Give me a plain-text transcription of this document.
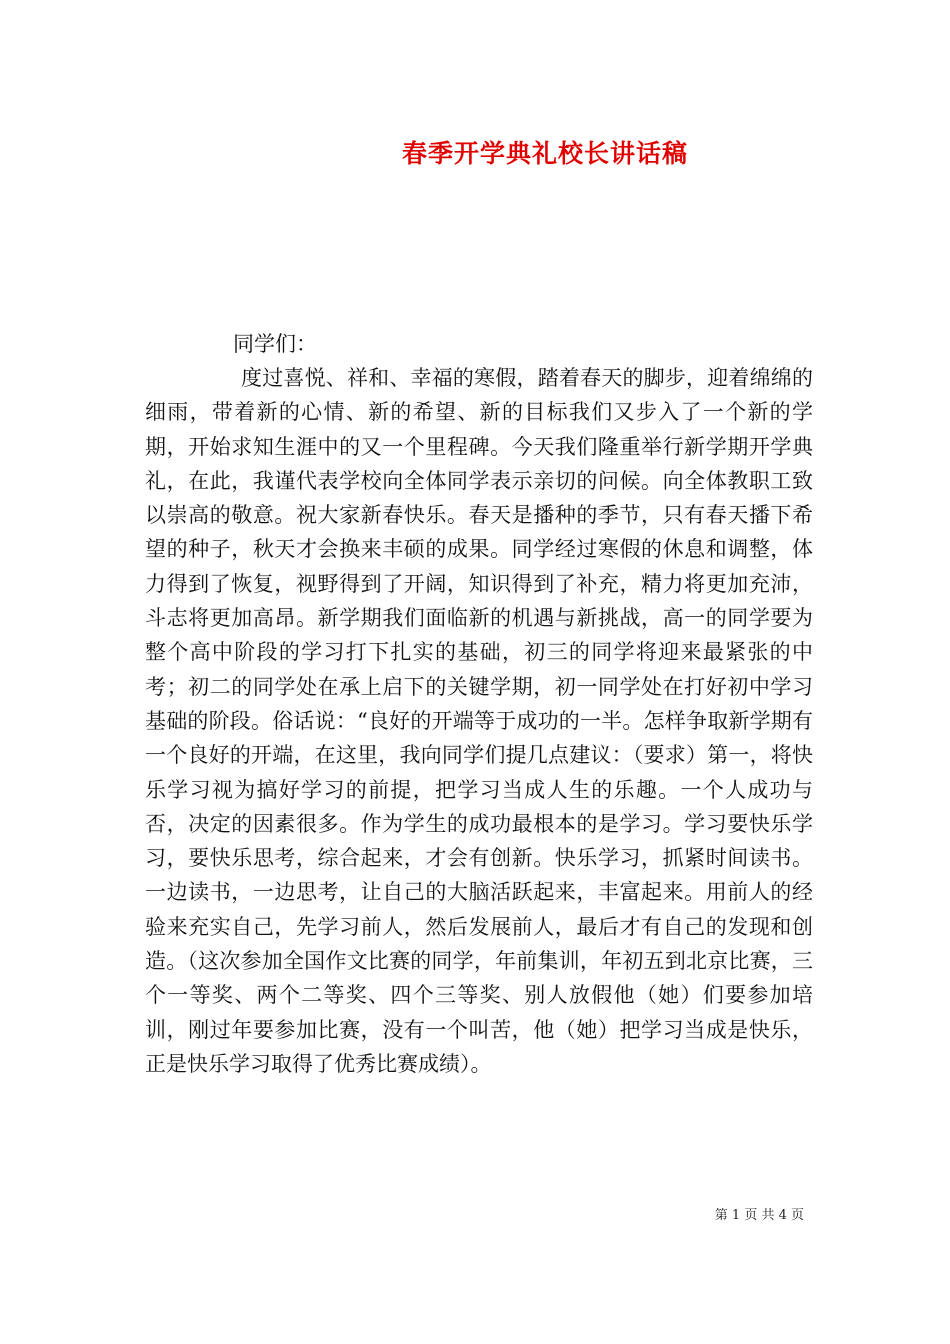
春季开学典礼校长讲话稿
同学们：

度过喜悦、祥和、幸福的寒假，踏着春天的脚步，迎着绵绵的细雨，带着新的心情、新的希望、新的目标我们又步入了一个新的学期，开始求知生涯中的又一个里程碑。今天我们隆重举行新学期开学典礼，在此，我谨代表学校向全体同学表示亲切的问候。向全体教职工致以崇高的敬意。祝大家新春快乐。春天是播种的季节，只有春天播下希望的种子，秋天才会换来丰硕的成果。同学经过寒假的休息和调整，体力得到了恢复，视野得到了开阔，知识得到了补充，精力将更加充沛，斗志将更加高昂。新学期我们面临新的机遇与新挑战，高一的同学要为整个高中阶段的学习打下扎实的基础，初三的同学将迎来最紧张的中考；初二的同学处在承上启下的关键学期，初一同学处在打好初中学习基础的阶段。俗话说：“良好的开端等于成功的一半。怎样争取新学期有一个良好的开端，在这里，我向同学们提几点建议：（要求）第一，将快乐学习视为搞好学习的前提，把学习当成人生的乐趣。一个人成功与否，决定的因素很多。作为学生的成功最根本的是学习。学习要快乐学习，要快乐思考，综合起来，才会有创新。快乐学习，抓紧时间读书。一边读书，一边思考，让自己的大脑活跃起来，丰富起来。用前人的经验来充实自己，先学习前人，然后发展前人，最后才有自己的发现和创造。（这次参加全国作文比赛的同学，年前集训，年初五到北京比赛，三个一等奖、两个二等奖、四个三等奖、别人放假他（她）们要参加培训，刚过年要参加比赛，没有一个叫苦，他（她）把学习当成是快乐，正是快乐学习取得了优秀比赛成绩）。

第 1 页 共 4 页
